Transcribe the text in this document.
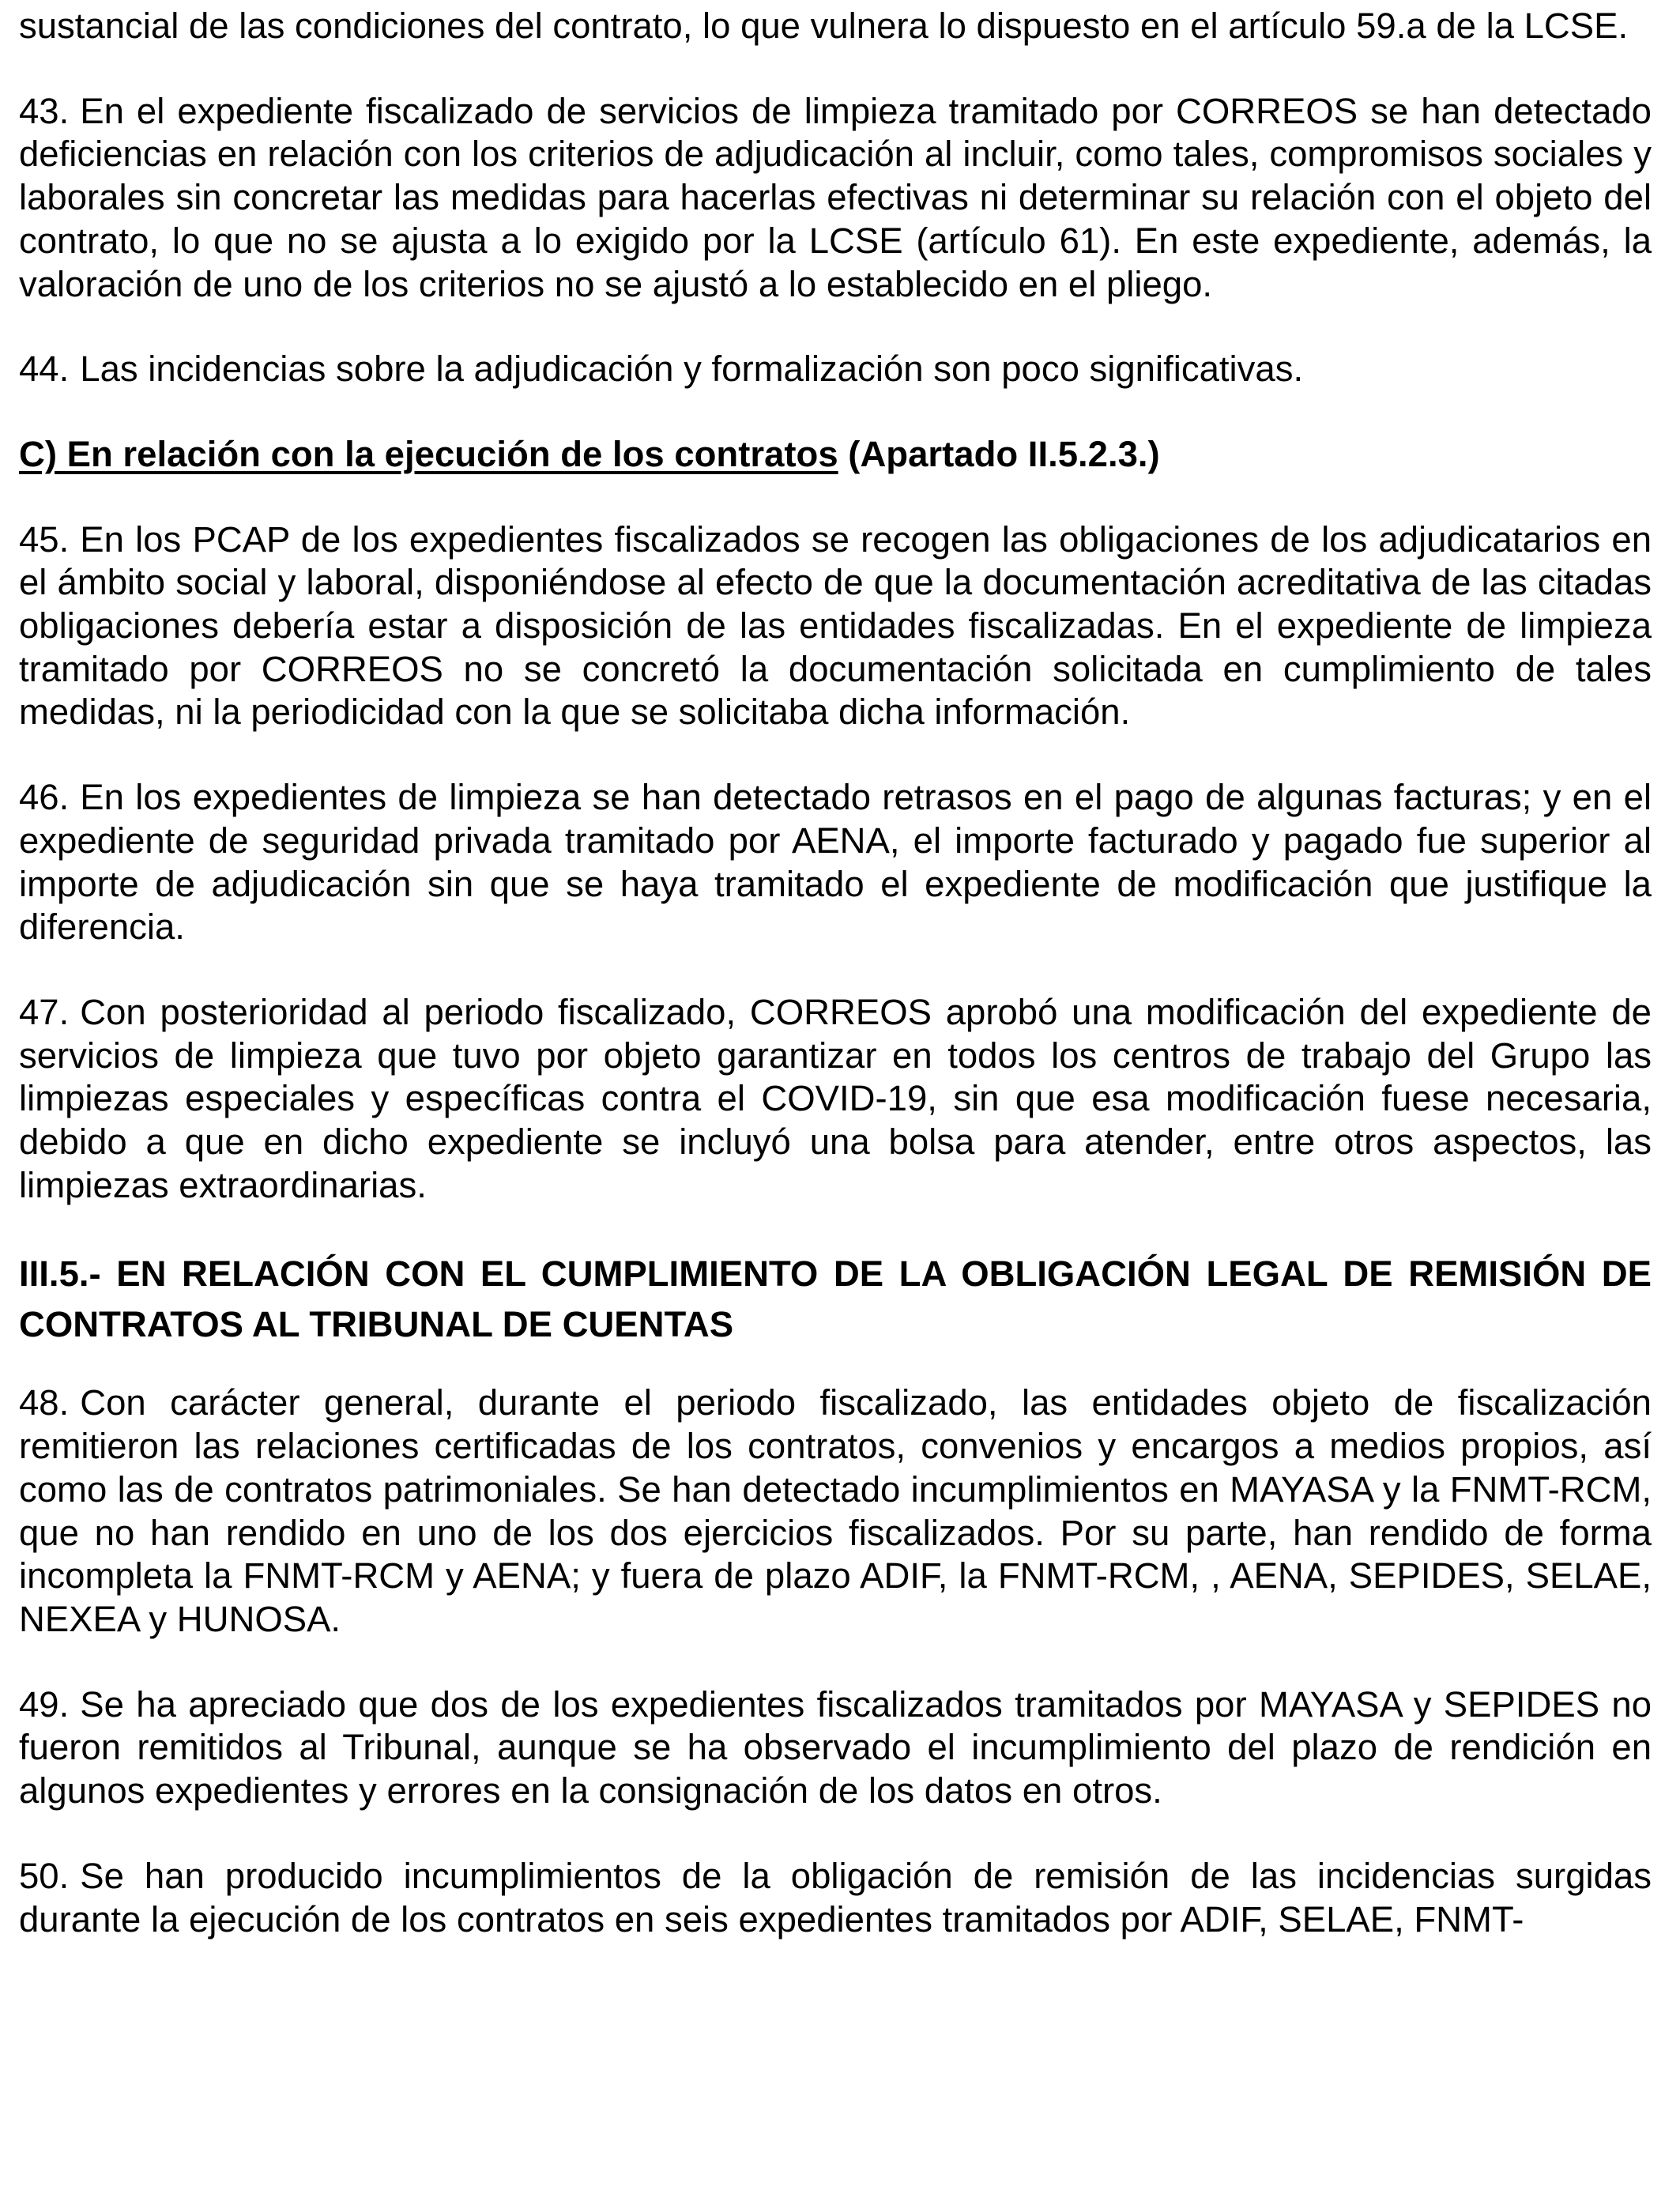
sustancial de las condiciones del contrato, lo que vulnera lo dispuesto en el artículo 59.a de la LCSE.

43. En el expediente fiscalizado de servicios de limpieza tramitado por CORREOS se han detectado deficiencias en relación con los criterios de adjudicación al incluir, como tales, compromisos sociales y laborales sin concretar las medidas para hacerlas efectivas ni determinar su relación con el objeto del contrato, lo que no se ajusta a lo exigido por la LCSE (artículo 61). En este expediente, además, la valoración de uno de los criterios no se ajustó a lo establecido en el pliego.

44. Las incidencias sobre la adjudicación y formalización son poco significativas.

C) En relación con la ejecución de los contratos (Apartado II.5.2.3.)

45. En los PCAP de los expedientes fiscalizados se recogen las obligaciones de los adjudicatarios en el ámbito social y laboral, disponiéndose al efecto de que la documentación acreditativa de las citadas obligaciones debería estar a disposición de las entidades fiscalizadas. En el expediente de limpieza tramitado por CORREOS no se concretó la documentación solicitada en cumplimiento de tales medidas, ni la periodicidad con la que se solicitaba dicha información.

46. En los expedientes de limpieza se han detectado retrasos en el pago de algunas facturas; y en el expediente de seguridad privada tramitado por AENA, el importe facturado y pagado fue superior al importe de adjudicación sin que se haya tramitado el expediente de modificación que justifique la diferencia.

47. Con posterioridad al periodo fiscalizado, CORREOS aprobó una modificación del expediente de servicios de limpieza que tuvo por objeto garantizar en todos los centros de trabajo del Grupo las limpiezas especiales y específicas contra el COVID-19, sin que esa modificación fuese necesaria, debido a que en dicho expediente se incluyó una bolsa para atender, entre otros aspectos, las limpiezas extraordinarias.

III.5.- EN RELACIÓN CON EL CUMPLIMIENTO DE LA OBLIGACIÓN LEGAL DE REMISIÓN DE CONTRATOS AL TRIBUNAL DE CUENTAS

48. Con carácter general, durante el periodo fiscalizado, las entidades objeto de fiscalización remitieron las relaciones certificadas de los contratos, convenios y encargos a medios propios, así como las de contratos patrimoniales. Se han detectado incumplimientos en MAYASA y la FNMT-RCM, que no han rendido en uno de los dos ejercicios fiscalizados. Por su parte, han rendido de forma incompleta la FNMT-RCM y AENA; y fuera de plazo ADIF, la FNMT-RCM, , AENA, SEPIDES, SELAE, NEXEA y HUNOSA.

49. Se ha apreciado que dos de los expedientes fiscalizados tramitados por MAYASA y SEPIDES no fueron remitidos al Tribunal, aunque se ha observado el incumplimiento del plazo de rendición en algunos expedientes y errores en la consignación de los datos en otros.

50. Se han producido incumplimientos de la obligación de remisión de las incidencias surgidas durante la ejecución de los contratos en seis expedientes tramitados por ADIF, SELAE, FNMT-
